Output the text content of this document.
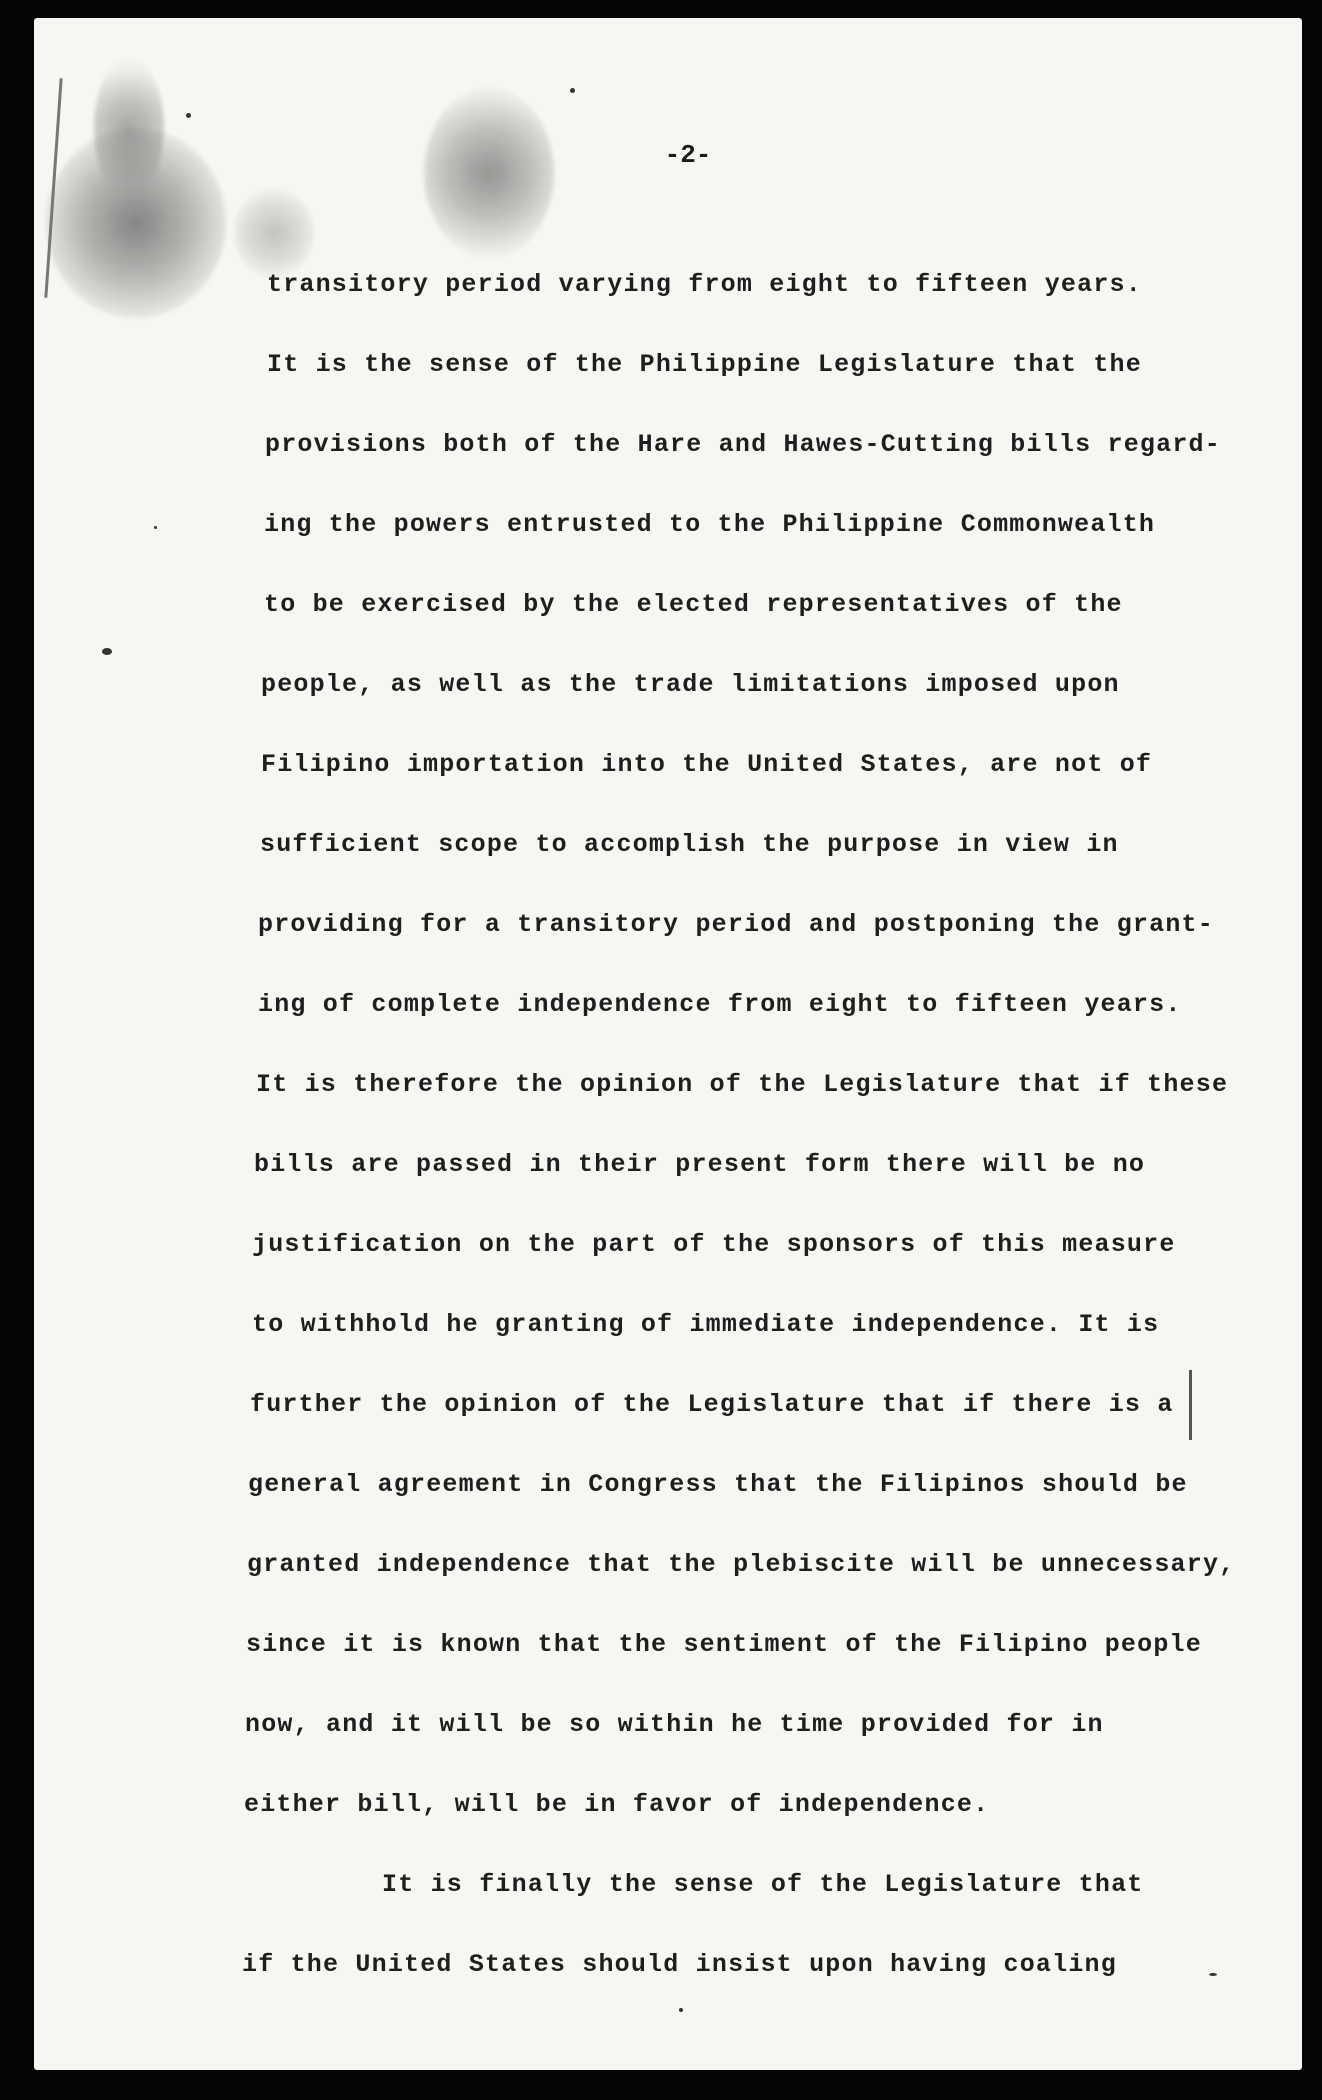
-2-
transitory period varying from eight to fifteen years.
It is the sense of the Philippine Legislature that the
provisions both of the Hare and Hawes-Cutting bills regard-
ing the powers entrusted to the Philippine Commonwealth
to be exercised by the elected representatives of the
people, as well as the trade limitations imposed upon
Filipino importation into the United States, are not of
sufficient scope to accomplish the purpose in view in
providing for a transitory period and postponing the grant-
ing of complete independence from eight to fifteen years.
It is therefore the opinion of the Legislature that if these
bills are passed in their present form there will be no
justification on the part of the sponsors of this measure
to withhold he granting of immediate independence. It is
further the opinion of the Legislature that if there is a
general agreement in Congress that the Filipinos should be
granted independence that the plebiscite will be unnecessary,
since it is known that the sentiment of the Filipino people
now, and it will be so within he time provided for in
either bill, will be in favor of independence.
It is finally the sense of the Legislature that
if the United States should insist upon having coaling
